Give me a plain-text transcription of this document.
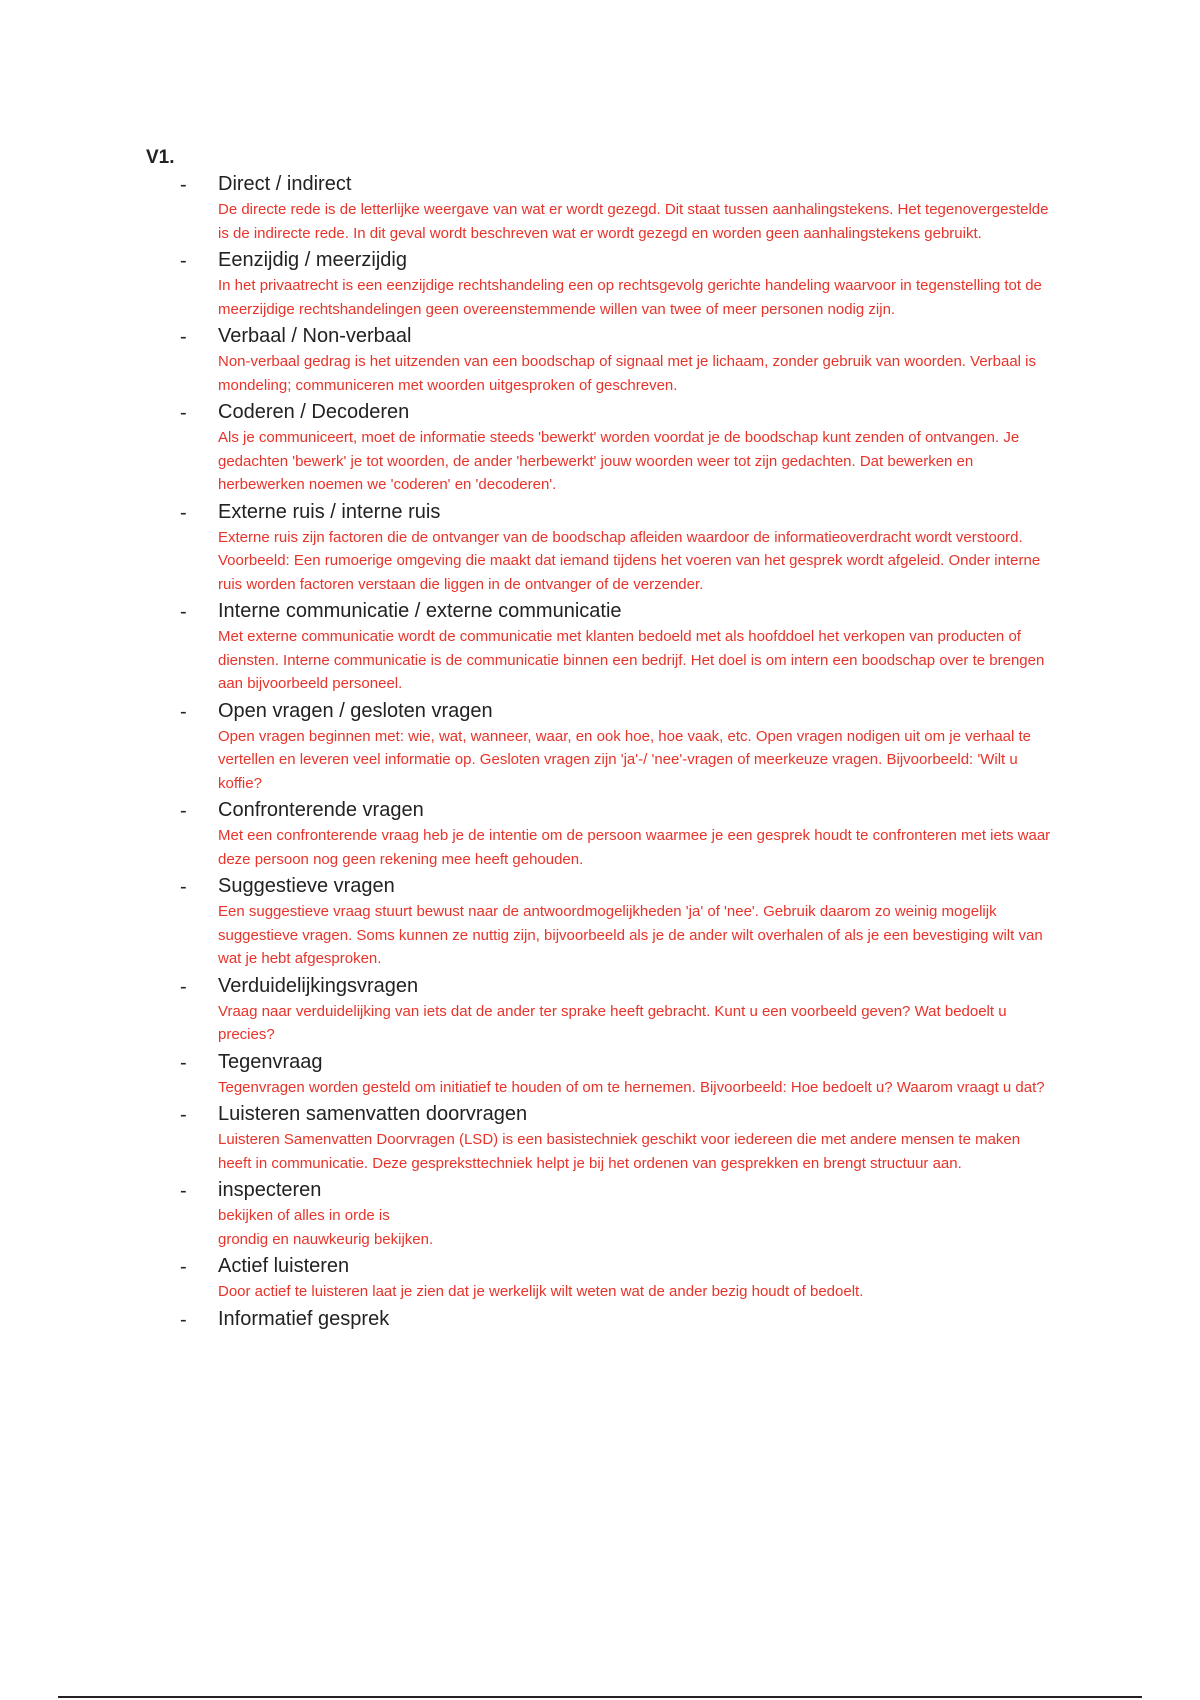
V1.
- Direct / indirect
De directe rede is de letterlijke weergave van wat er wordt gezegd. Dit staat tussen aanhalingstekens. Het tegenovergestelde is de indirecte rede. In dit geval wordt beschreven wat er wordt gezegd en worden geen aanhalingstekens gebruikt.
- Eenzijdig / meerzijdig
In het privaatrecht is een eenzijdige rechtshandeling een op rechtsgevolg gerichte handeling waarvoor in tegenstelling tot de meerzijdige rechtshandelingen geen overeenstemmende willen van twee of meer personen nodig zijn.
- Verbaal / Non-verbaal
Non-verbaal gedrag is het uitzenden van een boodschap of signaal met je lichaam, zonder gebruik van woorden. Verbaal is mondeling; communiceren met woorden uitgesproken of geschreven.
- Coderen / Decoderen
Als je communiceert, moet de informatie steeds 'bewerkt' worden voordat je de boodschap kunt zenden of ontvangen. Je gedachten 'bewerk' je tot woorden, de ander 'herbewerkt' jouw woorden weer tot zijn gedachten. Dat bewerken en herbewerken noemen we 'coderen' en 'decoderen'.
- Externe ruis / interne ruis
Externe ruis zijn factoren die de ontvanger van de boodschap afleiden waardoor de informatieoverdracht wordt verstoord. Voorbeeld: Een rumoerige omgeving die maakt dat iemand tijdens het voeren van het gesprek wordt afgeleid. Onder interne ruis worden factoren verstaan die liggen in de ontvanger of de verzender.
- Interne communicatie / externe communicatie
Met externe communicatie wordt de communicatie met klanten bedoeld met als hoofddoel het verkopen van producten of diensten. Interne communicatie is de communicatie binnen een bedrijf. Het doel is om intern een boodschap over te brengen aan bijvoorbeeld personeel.
- Open vragen / gesloten vragen
Open vragen beginnen met: wie, wat, wanneer, waar, en ook hoe, hoe vaak, etc. Open vragen nodigen uit om je verhaal te vertellen en leveren veel informatie op. Gesloten vragen zijn 'ja'-/ 'nee'-vragen of meerkeuze vragen. Bijvoorbeeld: 'Wilt u koffie?
- Confronterende vragen
Met een confronterende vraag heb je de intentie om de persoon waarmee je een gesprek houdt te confronteren met iets waar deze persoon nog geen rekening mee heeft gehouden.
- Suggestieve vragen
Een suggestieve vraag stuurt bewust naar de antwoordmogelijkheden 'ja' of 'nee'. Gebruik daarom zo weinig mogelijk suggestieve vragen. Soms kunnen ze nuttig zijn, bijvoorbeeld als je de ander wilt overhalen of als je een bevestiging wilt van wat je hebt afgesproken.
- Verduidelijkingsvragen
Vraag naar verduidelijking van iets dat de ander ter sprake heeft gebracht. Kunt u een voorbeeld geven? Wat bedoelt u precies?
- Tegenvraag
Tegenvragen worden gesteld om initiatief te houden of om te hernemen. Bijvoorbeeld: Hoe bedoelt u? Waarom vraagt u dat?
- Luisteren samenvatten doorvragen
Luisteren Samenvatten Doorvragen (LSD) is een basistechniek geschikt voor iedereen die met andere mensen te maken heeft in communicatie. Deze gespreksttechniek helpt je bij het ordenen van gesprekken en brengt structuur aan.
- inspecteren
bekijken of alles in orde is
grondig en nauwkeurig bekijken.
- Actief luisteren
Door actief te luisteren laat je zien dat je werkelijk wilt weten wat de ander bezig houdt of bedoelt.
- Informatief gesprek
